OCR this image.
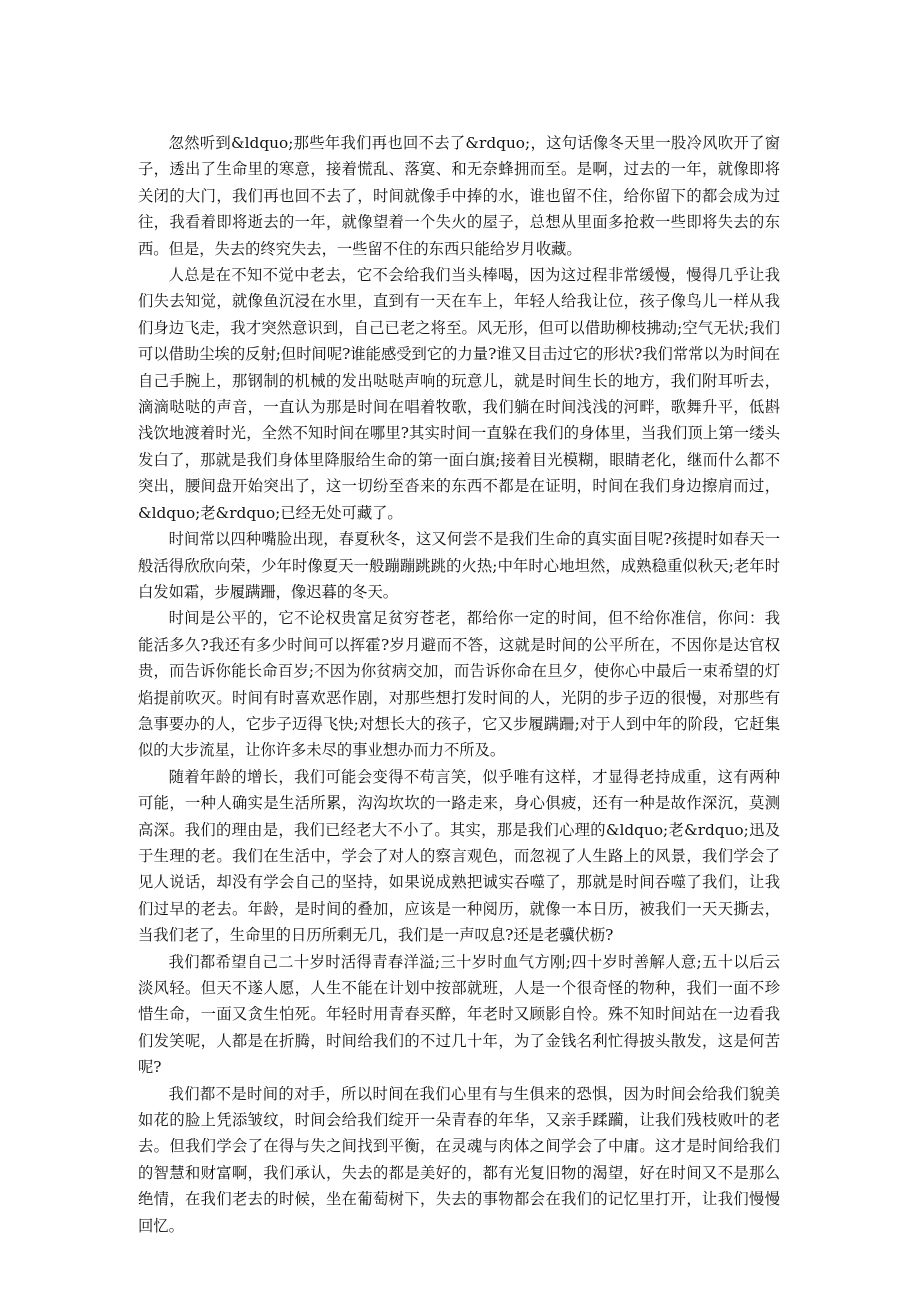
忽然听到&ldquo;那些年我们再也回不去了&rdquo;，这句话像冬天里一股冷风吹开了窗子，透出了生命里的寒意，接着慌乱、落寞、和无奈蜂拥而至。是啊，过去的一年，就像即将关闭的大门，我们再也回不去了，时间就像手中捧的水，谁也留不住，给你留下的都会成为过往，我看着即将逝去的一年，就像望着一个失火的屋子，总想从里面多抢救一些即将失去的东西。但是，失去的终究失去，一些留不住的东西只能给岁月收藏。

人总是在不知不觉中老去，它不会给我们当头棒喝，因为这过程非常缓慢，慢得几乎让我们失去知觉，就像鱼沉浸在水里，直到有一天在车上，年轻人给我让位，孩子像鸟儿一样从我们身边飞走，我才突然意识到，自己已老之将至。风无形，但可以借助柳枝拂动;空气无状;我们可以借助尘埃的反射;但时间呢?谁能感受到它的力量?谁又目击过它的形状?我们常常以为时间在自己手腕上，那钢制的机械的发出哒哒声响的玩意儿，就是时间生长的地方，我们附耳听去，滴滴哒哒的声音，一直认为那是时间在唱着牧歌，我们躺在时间浅浅的河畔，歌舞升平，低斟浅饮地渡着时光，全然不知时间在哪里?其实时间一直躲在我们的身体里，当我们顶上第一缕头发白了，那就是我们身体里降服给生命的第一面白旗;接着目光模糊，眼睛老化，继而什么都不突出，腰间盘开始突出了，这一切纷至沓来的东西不都是在证明，时间在我们身边擦肩而过，&ldquo;老&rdquo;已经无处可藏了。

时间常以四种嘴脸出现，春夏秋冬，这又何尝不是我们生命的真实面目呢?孩提时如春天一般活得欣欣向荣，少年时像夏天一般蹦蹦跳跳的火热;中年时心地坦然，成熟稳重似秋天;老年时白发如霜，步履蹒跚，像迟暮的冬天。

时间是公平的，它不论权贵富足贫穷苍老，都给你一定的时间，但不给你准信，你问：我能活多久?我还有多少时间可以挥霍?岁月避而不答，这就是时间的公平所在，不因你是达官权贵，而告诉你能长命百岁;不因为你贫病交加，而告诉你命在旦夕，使你心中最后一束希望的灯焰提前吹灭。时间有时喜欢恶作剧，对那些想打发时间的人，光阴的步子迈的很慢，对那些有急事要办的人，它步子迈得飞快;对想长大的孩子，它又步履蹒跚;对于人到中年的阶段，它赶集似的大步流星，让你许多未尽的事业想办而力不所及。

随着年龄的增长，我们可能会变得不苟言笑，似乎唯有这样，才显得老持成重，这有两种可能，一种人确实是生活所累，沟沟坎坎的一路走来，身心俱疲，还有一种是故作深沉，莫测高深。我们的理由是，我们已经老大不小了。其实，那是我们心理的&ldquo;老&rdquo;迅及于生理的老。我们在生活中，学会了对人的察言观色，而忽视了人生路上的风景，我们学会了见人说话，却没有学会自己的坚持，如果说成熟把诚实吞噬了，那就是时间吞噬了我们，让我们过早的老去。年龄，是时间的叠加，应该是一种阅历，就像一本日历，被我们一天天撕去，当我们老了，生命里的日历所剩无几，我们是一声叹息?还是老骥伏枥?

我们都希望自己二十岁时活得青春洋溢;三十岁时血气方刚;四十岁时善解人意;五十以后云淡风轻。但天不遂人愿，人生不能在计划中按部就班，人是一个很奇怪的物种，我们一面不珍惜生命，一面又贪生怕死。年轻时用青春买醉，年老时又顾影自怜。殊不知时间站在一边看我们发笑呢，人都是在折腾，时间给我们的不过几十年，为了金钱名利忙得披头散发，这是何苦呢?

我们都不是时间的对手，所以时间在我们心里有与生俱来的恐惧，因为时间会给我们貌美如花的脸上凭添皱纹，时间会给我们绽开一朵青春的年华，又亲手蹂躏，让我们残枝败叶的老去。但我们学会了在得与失之间找到平衡，在灵魂与肉体之间学会了中庸。这才是时间给我们的智慧和财富啊，我们承认，失去的都是美好的，都有光复旧物的渴望，好在时间又不是那么绝情，在我们老去的时候，坐在葡萄树下，失去的事物都会在我们的记忆里打开，让我们慢慢回忆。
